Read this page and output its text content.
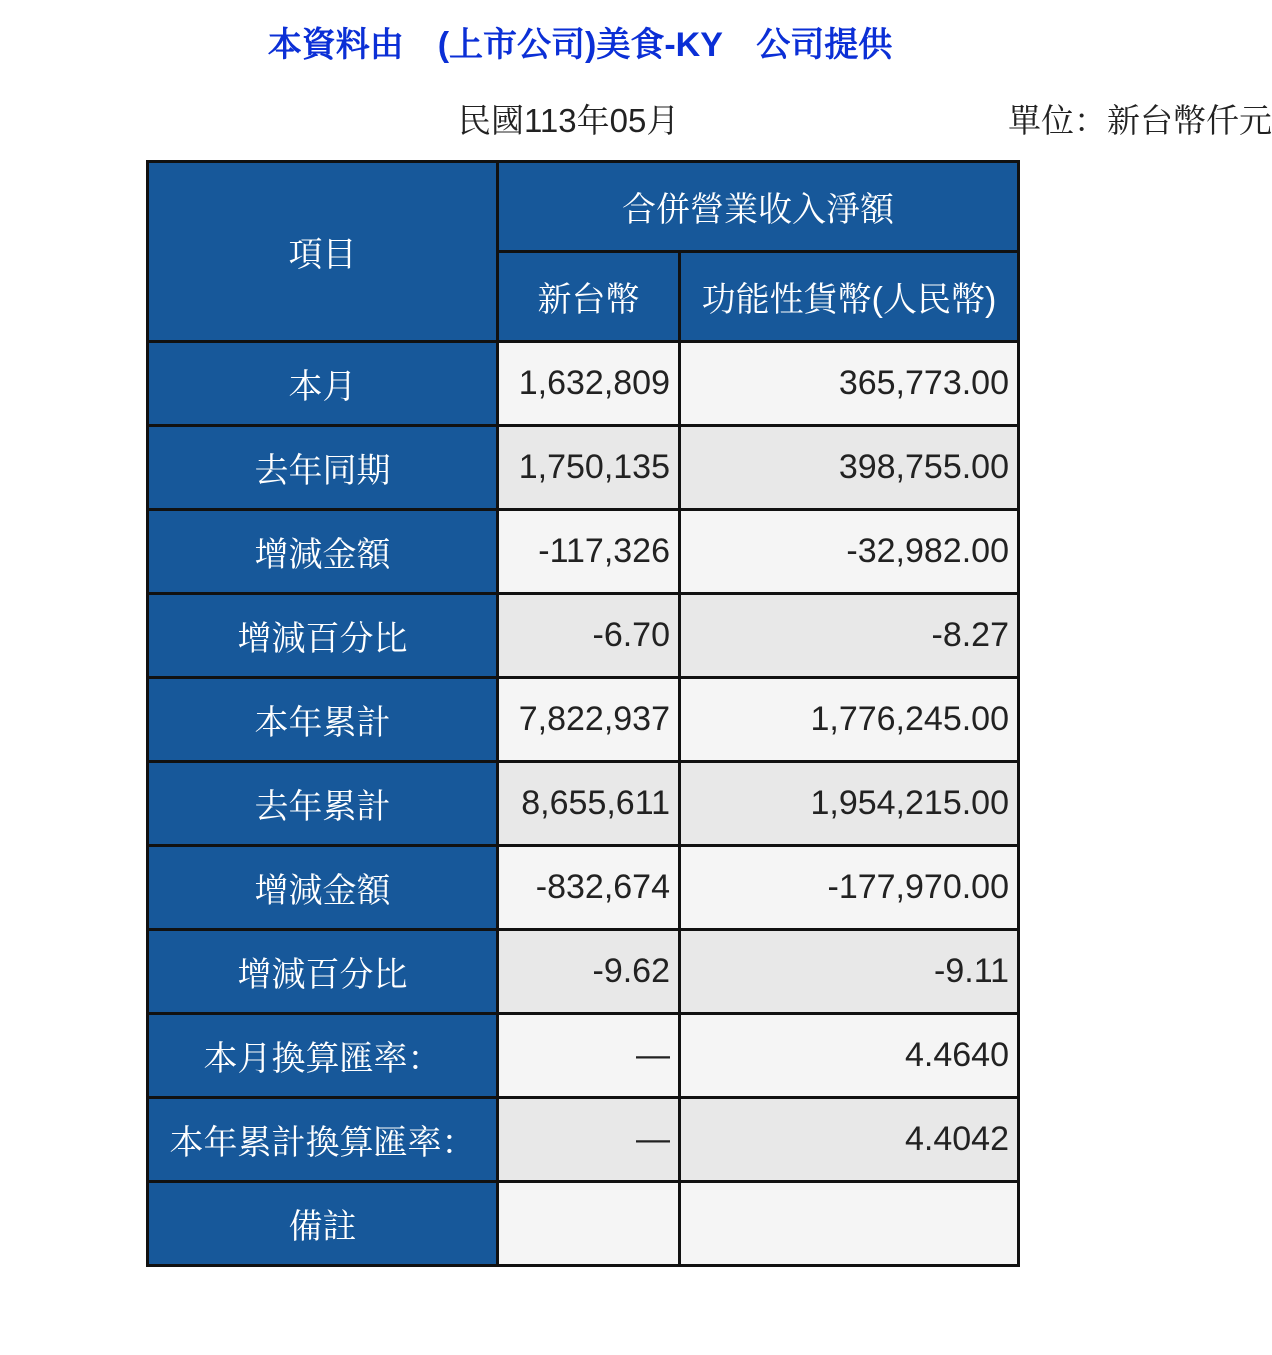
本資料由　(上市公司)美食-KY　公司提供
民國113年05月	單位：新台幣仟元
項目	合併營業收入淨額	
	新台幣	功能性貨幣(人民幣)
本月	1,632,809	365,773.00
去年同期	1,750,135	398,755.00
增減金額	-117,326	-32,982.00
增減百分比	-6.70	-8.27
本年累計	7,822,937	1,776,245.00
去年累計	8,655,611	1,954,215.00
增減金額	-832,674	-177,970.00
增減百分比	-9.62	-9.11
本月換算匯率：	—	4.4640
本年累計換算匯率：	—	4.4042
備註		
